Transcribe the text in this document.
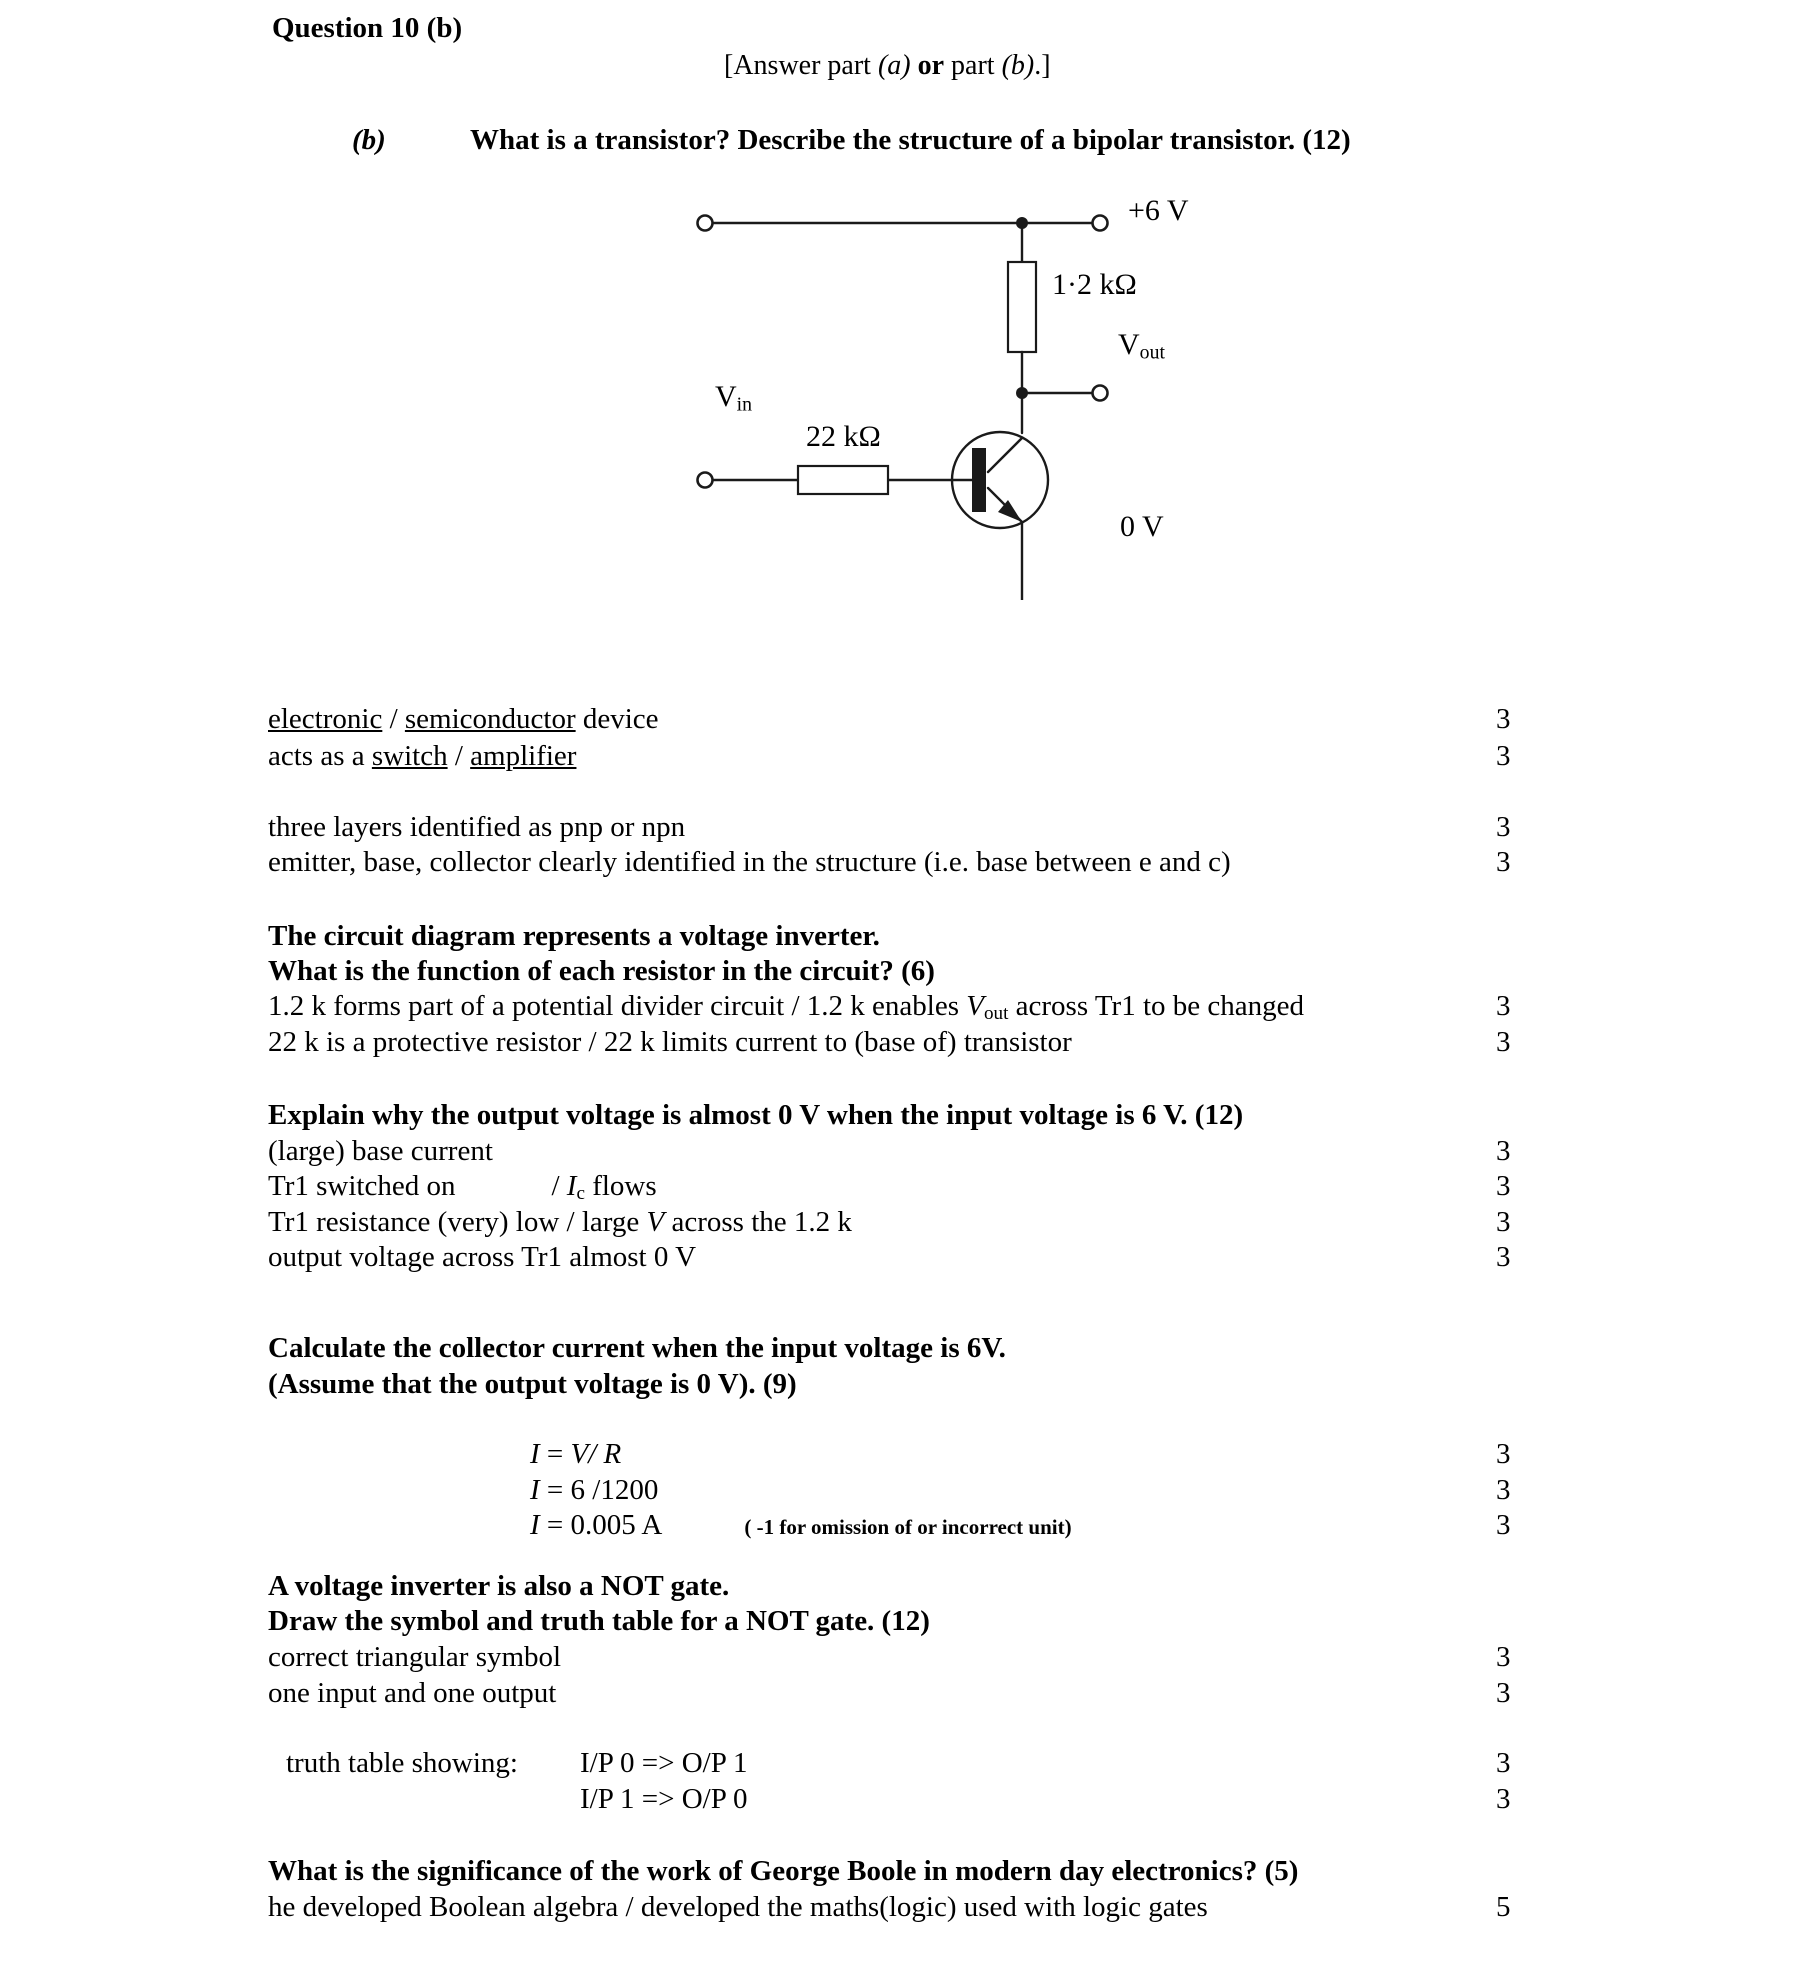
Question 10 (b)
[Answer part (a) or part (b).]
(b)	What is a transistor? Describe the structure of a bipolar transistor. (12)
+6 V
1·2 kΩ
$V_{out}$
$V_{in}$
22 kΩ
0 V
electronic / semiconductor device	3
acts as a switch / amplifier	3
three layers identified as pnp or npn	3
emitter, base, collector clearly identified in the structure (i.e. base between e and c)	3
The circuit diagram represents a voltage inverter.
What is the function of each resistor in the circuit? (6)
1.2 k forms part of a potential divider circuit / 1.2 k enables $V_{out}$ across Tr1 to be changed	3
22 k is a protective resistor / 22 k limits current to (base of) transistor	3
Explain why the output voltage is almost 0 V when the input voltage is 6 V. (12)
(large) base current	3
Tr1 switched on	/ $I_c$ flows	3
Tr1 resistance (very) low / large V across the 1.2 k	3
output voltage across Tr1 almost 0 V	3
Calculate the collector current when the input voltage is 6V.
(Assume that the output voltage is 0 V). (9)
I = V/ R	3
I = 6 /1200	3
I = 0.005 A	( -1 for omission of or incorrect unit)	3
A voltage inverter is also a NOT gate.
Draw the symbol and truth table for a NOT gate. (12)
correct triangular symbol	3
one input and one output	3
truth table showing: I/P 0 => O/P 1	3
I/P 1 => O/P 0	3
What is the significance of the work of George Boole in modern day electronics? (5)
he developed Boolean algebra / developed the maths(logic) used with logic gates	5
